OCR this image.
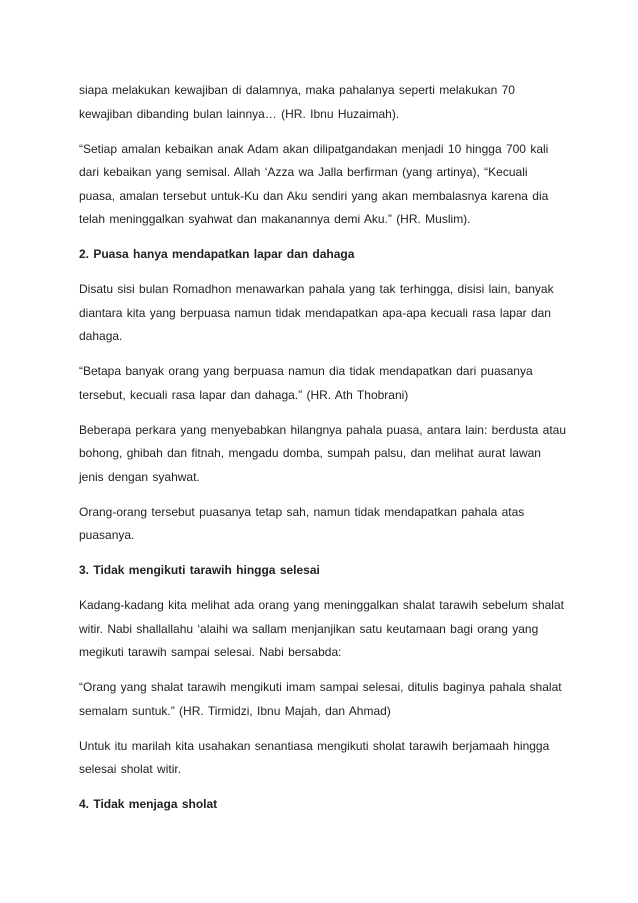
siapa melakukan kewajiban di dalamnya, maka pahalanya seperti melakukan 70 kewajiban dibanding bulan lainnya… (HR. Ibnu Huzaimah).

“Setiap amalan kebaikan anak Adam akan dilipatgandakan menjadi 10 hingga 700 kali dari kebaikan yang semisal. Allah ‘Azza wa Jalla berfirman (yang artinya), “Kecuali puasa, amalan tersebut untuk-Ku dan Aku sendiri yang akan membalasnya karena dia telah meninggalkan syahwat dan makanannya demi Aku.” (HR. Muslim).

2. Puasa hanya mendapatkan lapar dan dahaga

Disatu sisi bulan Romadhon menawarkan pahala yang tak terhingga, disisi lain, banyak diantara kita yang berpuasa namun tidak mendapatkan apa-apa kecuali rasa lapar dan dahaga.

“Betapa banyak orang yang berpuasa namun dia tidak mendapatkan dari puasanya tersebut, kecuali rasa lapar dan dahaga.” (HR. Ath Thobrani)

Beberapa perkara yang menyebabkan hilangnya pahala puasa, antara lain: berdusta atau bohong, ghibah dan fitnah, mengadu domba, sumpah palsu, dan melihat aurat lawan jenis dengan syahwat.

Orang-orang tersebut puasanya tetap sah, namun tidak mendapatkan pahala atas puasanya.

3. Tidak mengikuti tarawih hingga selesai

Kadang-kadang kita melihat ada orang yang meninggalkan shalat tarawih sebelum shalat witir. Nabi shallallahu ‘alaihi wa sallam menjanjikan satu keutamaan bagi orang yang megikuti tarawih sampai selesai. Nabi bersabda:

“Orang yang shalat tarawih mengikuti imam sampai selesai, ditulis baginya pahala shalat semalam suntuk.” (HR. Tirmidzi, Ibnu Majah, dan Ahmad)

Untuk itu marilah kita usahakan senantiasa mengikuti sholat tarawih berjamaah hingga selesai sholat witir.

4. Tidak menjaga sholat
